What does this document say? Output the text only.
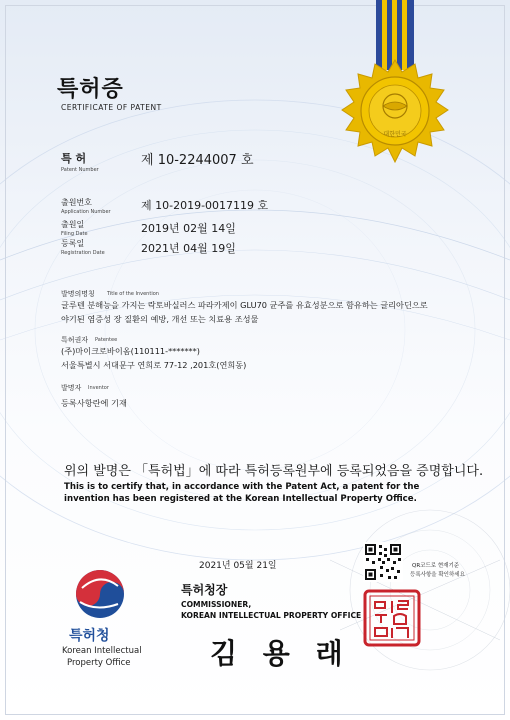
대한민국
특허증
CERTIFICATE OF PATENT
특 허
Patent Number
제 10-2244007 호
출원번호
Application Number	제 10-2019-0017119 호
출원일
Filing Date	2019년 02월 14일
등록일
Registration Date	2021년 04월 19일
발명의명칭 Title of the Invention
글루텐 분해능을 가지는 락토바실러스 파라카제이 GLU70 균주를 유효성분으로 함유하는 글리아딘으로
야기된 염증성 장 질환의 예방, 개선 또는 치료용 조성물
특허권자 Patentee
(주)마이크로바이옴(110111-*******)
서울특별시 서대문구 연희로 77-12 ,201호(연희동)
발명자 Inventor
등록사항란에 기재
위의 발명은 「특허법」에 따라 특허등록원부에 등록되었음을 증명합니다.
This is to certify that, in accordance with the Patent Act, a patent for the invention has been registered at the Korean Intellectual Property Office.
2021년 05월 21일	QR코드로 현재기준
등록사항을 확인하세요
특허청장
COMMISSIONER,
KOREAN INTELLECTUAL PROPERTY OFFICE
김 용 래
특허청장인
특허청
Korean Intellectual
Property Office
